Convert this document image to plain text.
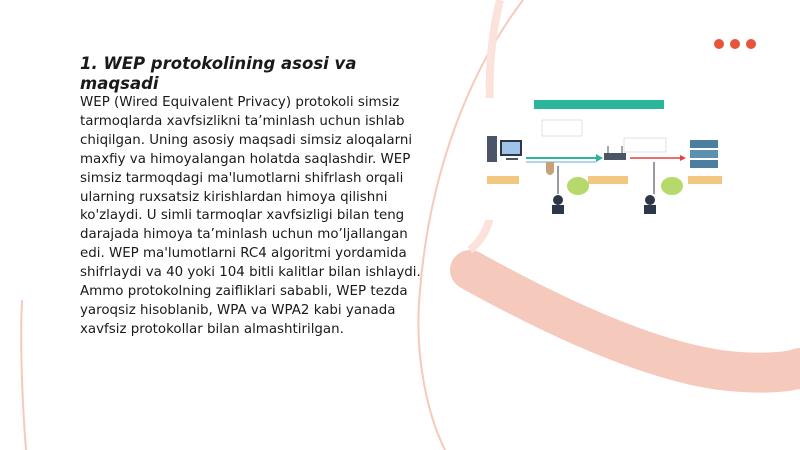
1. WEP protokolining asosi va maqsadi

WEP (Wired Equivalent Privacy) protokoli simsiz tarmoqlarda xavfsizlikni ta’minlash uchun ishlab chiqilgan. Uning asosiy maqsadi simsiz aloqalarni maxfiy va himoyalangan holatda saqlashdir. WEP simsiz tarmoqdagi ma'lumotlarni shifrlash orqali ularning ruxsatsiz kirishlardan himoya qilishni ko'zlaydi. U simli tarmoqlar xavfsizligi bilan teng darajada himoya ta’minlash uchun mo’ljallangan edi. WEP ma'lumotlarni RC4 algoritmi yordamida shifrlaydi va 40 yoki 104 bitli kalitlar bilan ishlaydi. Ammo protokolning zaifliklari sababli, WEP tezda yaroqsiz hisoblanib, WPA va WPA2 kabi yanada xavfsiz protokollar bilan almashtirilgan.
